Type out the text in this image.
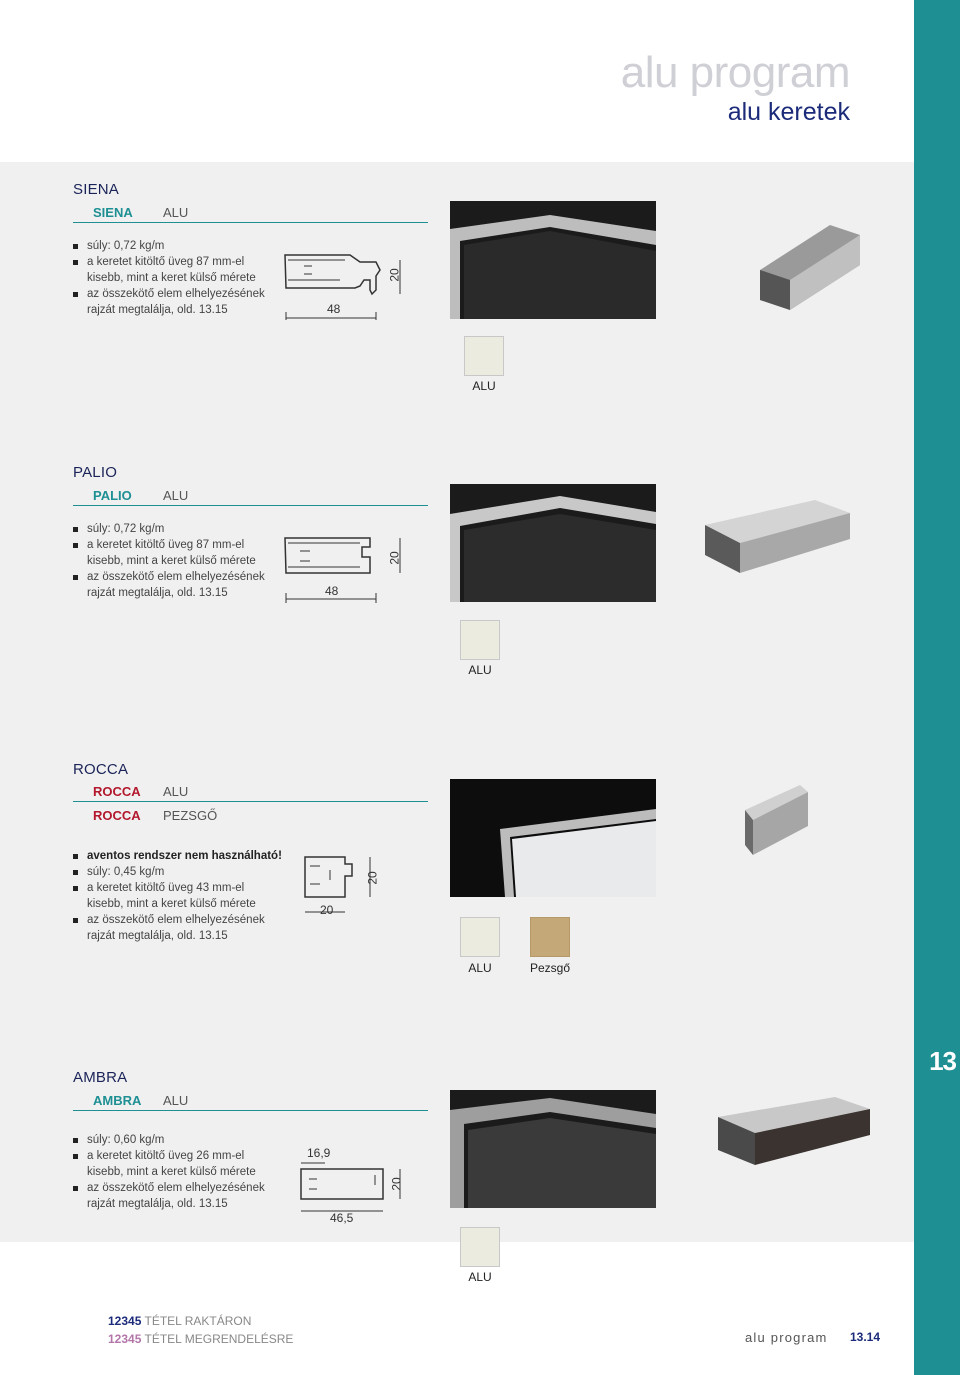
13
alu program
alu keretek
SIENA
SIENA ALU
súly: 0,72 kg/m
a keretet kitöltő üveg 87 mm-el
kisebb, mint a keret külső mérete
az összekötő elem elhelyezésének
rajzát megtalálja, old. 13.15	48
20
ALU
PALIO
PALIO ALU
súly: 0,72 kg/m
a keretet kitöltő üveg 87 mm-el
kisebb, mint a keret külső mérete
az összekötő elem elhelyezésének
rajzát megtalálja, old. 13.15	48
20
ALU
ROCCA
ROCCA ALU
ROCCA PEZSGŐ
aventos rendszer nem használható!
súly: 0,45 kg/m
a keretet kitöltő üveg 43 mm-el
kisebb, mint a keret külső mérete
az összekötő elem elhelyezésének
rajzát megtalálja, old. 13.15
20
20
ALU	Pezsgő
AMBRA
AMBRA ALU
súly: 0,60 kg/m
a keretet kitöltő üveg 26 mm-el
kisebb, mint a keret külső mérete
az összekötő elem elhelyezésének
rajzát megtalálja, old. 13.15
16,9
46,5
20
ALU
12345 TÉTEL RAKTÁRON
12345 TÉTEL MEGRENDELÉSRE	alu program 13.14
